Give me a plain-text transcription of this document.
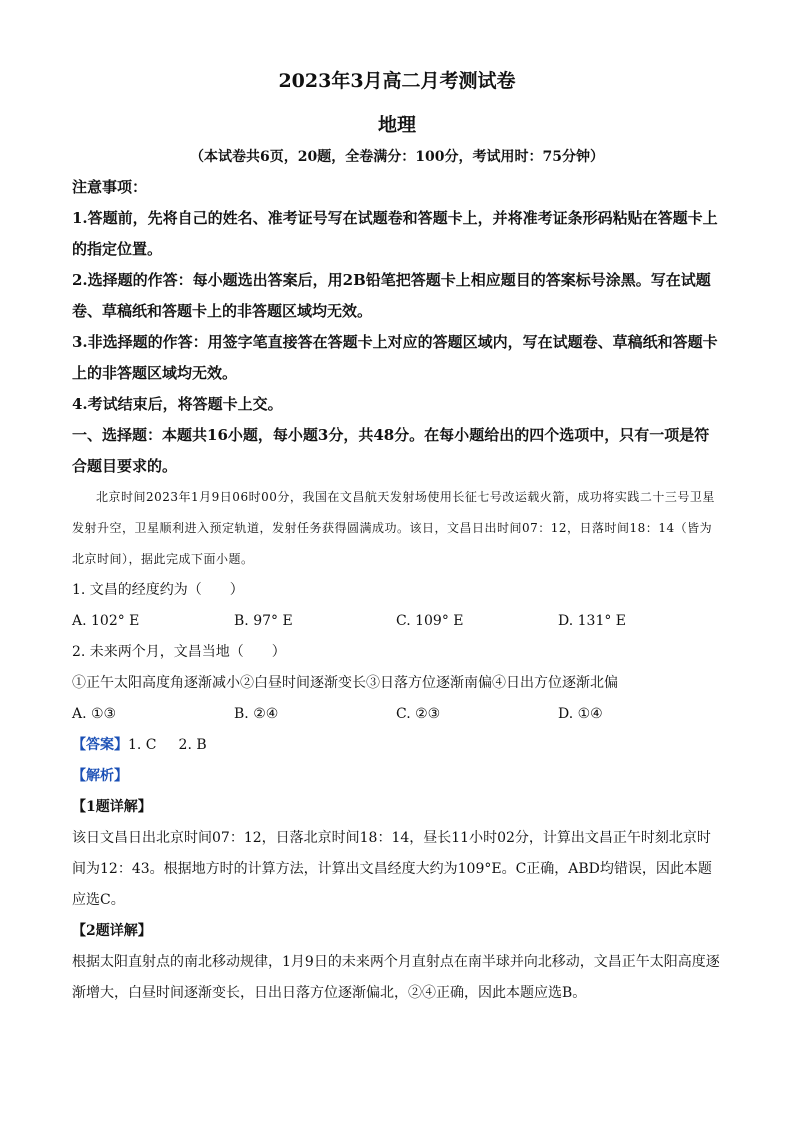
2023年3月高二月考测试卷
地理
（本试卷共6页，20题，全卷满分：100分，考试用时：75分钟）
注意事项：

1.答题前，先将自己的姓名、准考证号写在试题卷和答题卡上，并将准考证条形码粘贴在答题卡上的指定位置。

2.选择题的作答：每小题选出答案后，用2B铅笔把答题卡上相应题目的答案标号涂黑。写在试题卷、草稿纸和答题卡上的非答题区域均无效。

3.非选择题的作答：用签字笔直接答在答题卡上对应的答题区域内，写在试题卷、草稿纸和答题卡上的非答题区域均无效。

4.考试结束后，将答题卡上交。

一、选择题：本题共16小题，每小题3分，共48分。在每小题给出的四个选项中，只有一项是符合题目要求的。

北京时间2023年1月9日06时00分，我国在文昌航天发射场使用长征七号改运载火箭，成功将实践二十三号卫星发射升空，卫星顺利进入预定轨道，发射任务获得圆满成功。该日，文昌日出时间07：12，日落时间18：14（皆为北京时间），据此完成下面小题。

1. 文昌的经度约为（　　）

A. 102° E	B. 97° E	C. 109° E	D. 131° E

2. 未来两个月，文昌当地（　　）

①正午太阳高度角逐渐减小②白昼时间逐渐变长③日落方位逐渐南偏④日出方位逐渐北偏

A. ①③	B. ②④	C. ②③	D. ①④
【答案】1. C 2. B
【解析】
【1题详解】

该日文昌日出北京时间07：12，日落北京时间18：14，昼长11小时02分，计算出文昌正午时刻北京时间为12：43。根据地方时的计算方法，计算出文昌经度大约为109°E。C正确，ABD均错误，因此本题应选C。

【2题详解】

根据太阳直射点的南北移动规律，1月9日的未来两个月直射点在南半球并向北移动，文昌正午太阳高度逐渐增大，白昼时间逐渐变长，日出日落方位逐渐偏北，②④正确，因此本题应选B。
